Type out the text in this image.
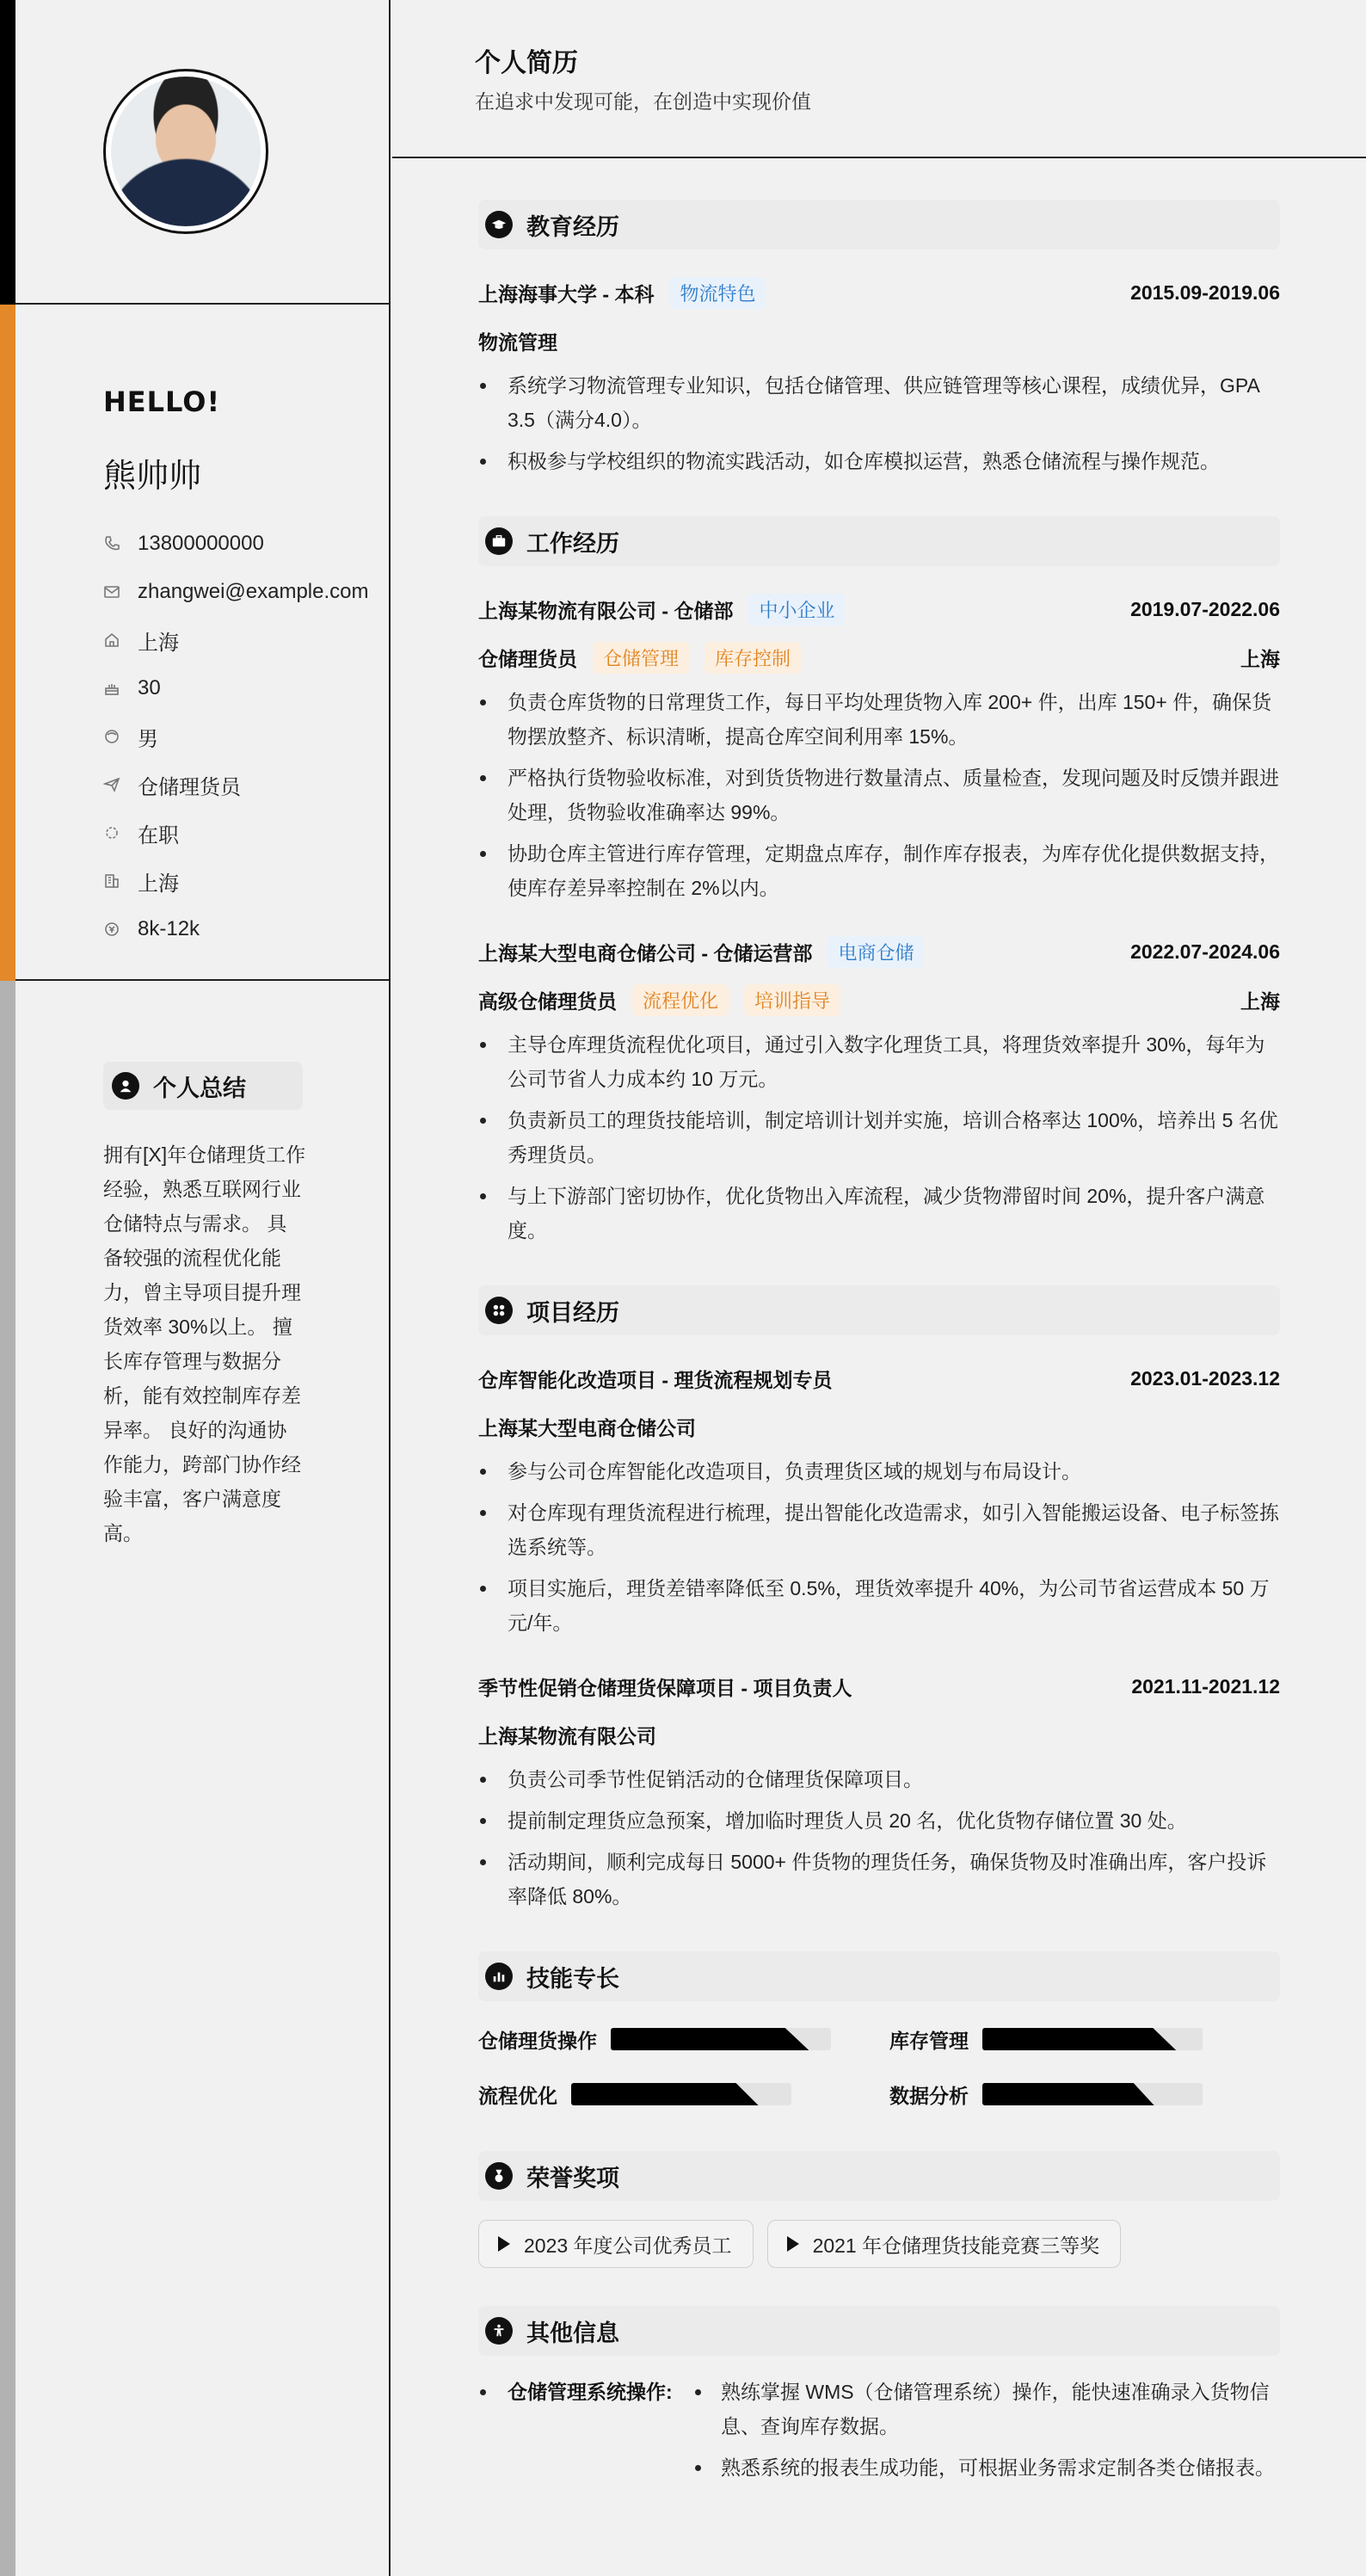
HELLO!
熊帅帅
13800000000
zhangwei@example.com
上海
30
男
仓储理货员
在职
上海
8k-12k
个人总结

拥有[X]年仓储理货工作经验，熟悉互联网行业仓储特点与需求。 具备较强的流程优化能力，曾主导项目提升理货效率 30%以上。 擅长库存管理与数据分析，能有效控制库存差异率。 良好的沟通协作能力，跨部门协作经验丰富，客户满意度高。

个人简历
在追求中发现可能，在创造中实现价值
教育经历
上海海事大学 - 本科	物流特色	2015.09-2019.06
物流管理
系统学习物流管理专业知识，包括仓储管理、供应链管理等核心课程，成绩优异，GPA 3.5（满分4.0）。
积极参与学校组织的物流实践活动，如仓库模拟运营，熟悉仓储流程与操作规范。
工作经历
上海某物流有限公司 - 仓储部	中小企业	2019.07-2022.06
仓储理货员	仓储管理	库存控制	上海
负责仓库货物的日常理货工作，每日平均处理货物入库 200+ 件，出库 150+ 件，确保货物摆放整齐、标识清晰，提高仓库空间利用率 15%。
严格执行货物验收标准，对到货货物进行数量清点、质量检查，发现问题及时反馈并跟进处理，货物验收准确率达 99%。
协助仓库主管进行库存管理，定期盘点库存，制作库存报表，为库存优化提供数据支持，使库存差异率控制在 2%以内。
上海某大型电商仓储公司 - 仓储运营部	电商仓储	2022.07-2024.06
高级仓储理货员	流程优化	培训指导	上海
主导仓库理货流程优化项目，通过引入数字化理货工具，将理货效率提升 30%，每年为公司节省人力成本约 10 万元。
负责新员工的理货技能培训，制定培训计划并实施，培训合格率达 100%，培养出 5 名优秀理货员。
与上下游部门密切协作，优化货物出入库流程，减少货物滞留时间 20%，提升客户满意度。
项目经历
仓库智能化改造项目 - 理货流程规划专员	2023.01-2023.12
上海某大型电商仓储公司
参与公司仓库智能化改造项目，负责理货区域的规划与布局设计。
对仓库现有理货流程进行梳理，提出智能化改造需求，如引入智能搬运设备、电子标签拣选系统等。
项目实施后，理货差错率降低至 0.5%，理货效率提升 40%，为公司节省运营成本 50 万元/年。
季节性促销仓储理货保障项目 - 项目负责人	2021.11-2021.12
上海某物流有限公司
负责公司季节性促销活动的仓储理货保障项目。
提前制定理货应急预案，增加临时理货人员 20 名，优化货物存储位置 30 处。
活动期间，顺利完成每日 5000+ 件货物的理货任务，确保货物及时准确出库，客户投诉率降低 80%。
技能专长
仓储理货操作	库存管理
流程优化	数据分析
荣誉奖项
2023 年度公司优秀员工	2021 年仓储理货技能竞赛三等奖
其他信息
仓储管理系统操作:	熟练掌握 WMS（仓储管理系统）操作，能快速准确录入货物信息、查询库存数据。
熟悉系统的报表生成功能，可根据业务需求定制各类仓储报表。
